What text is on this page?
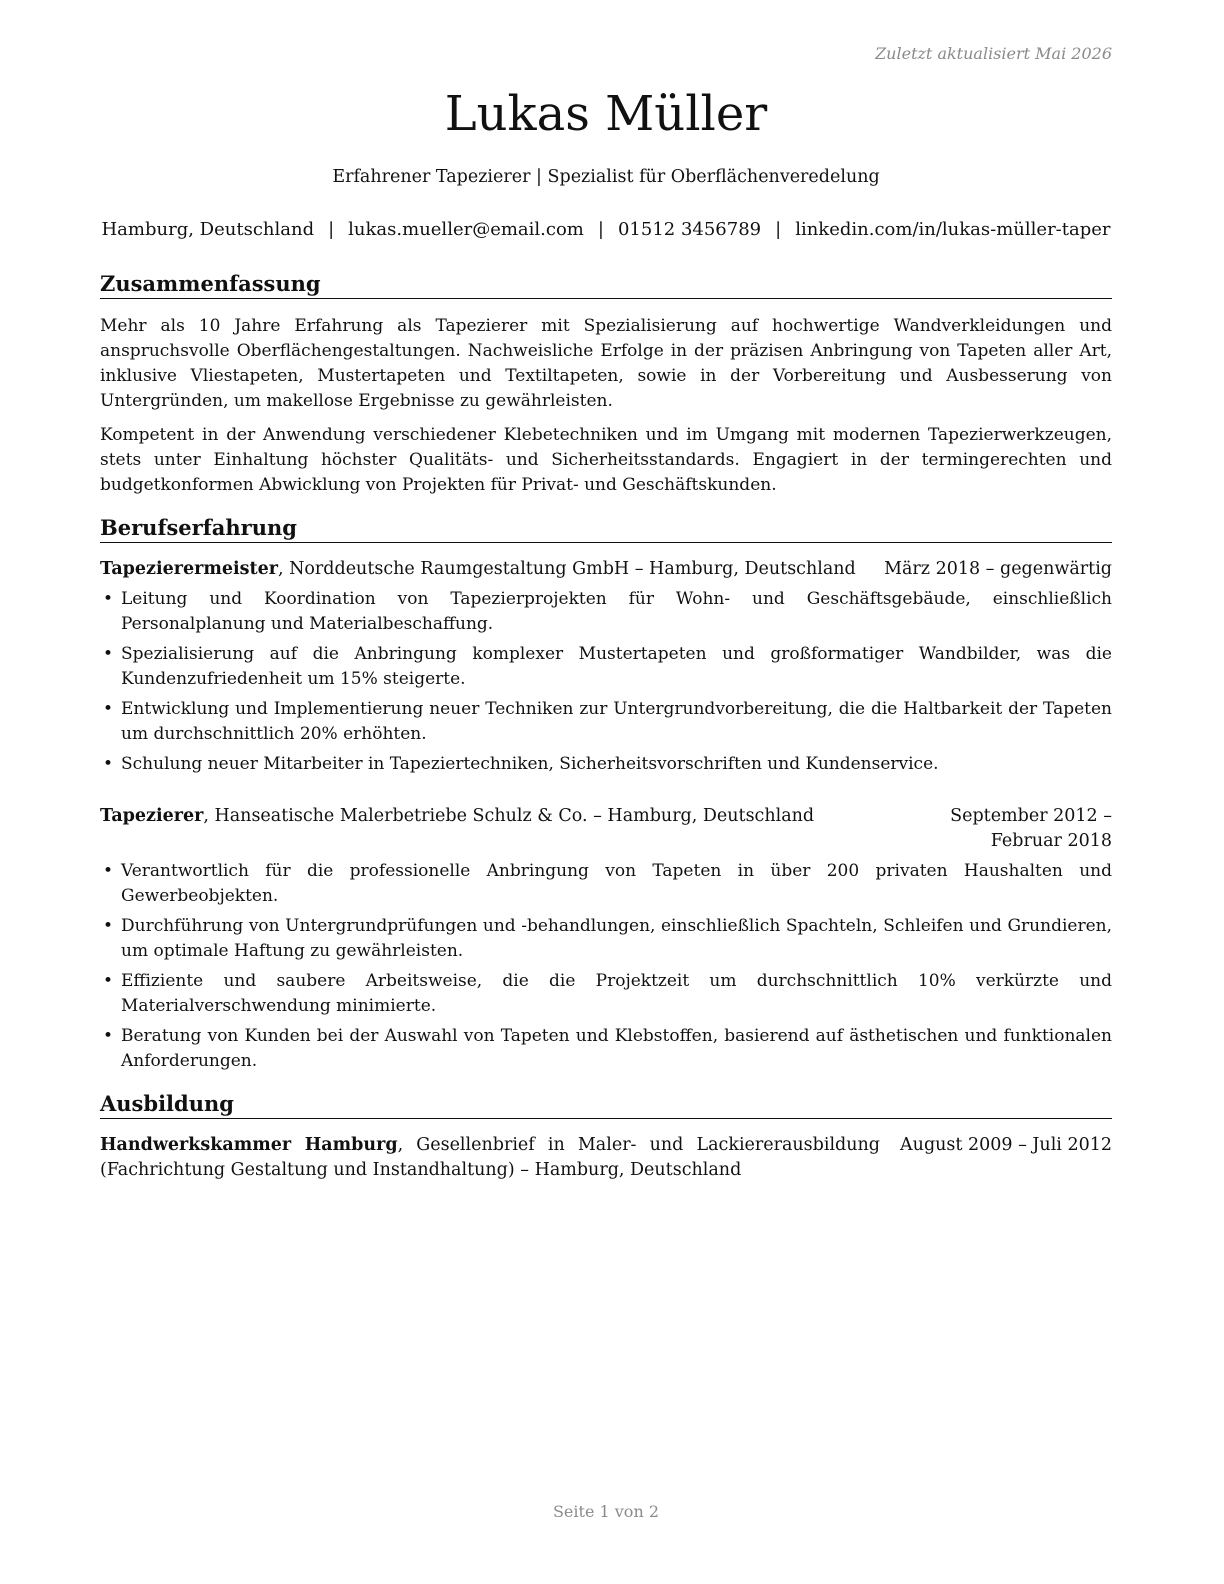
Zuletzt aktualisiert Mai 2026
Lukas Müller
Erfahrener Tapezierer | Spezialist für Oberflächenveredelung
Hamburg, Deutschland | lukas.mueller@email.com | 01512 3456789 | linkedin.com/in/lukas-müller-taper
Zusammenfassung

Mehr als 10 Jahre Erfahrung als Tapezierer mit Spezialisierung auf hochwertige Wandverkleidungen und anspruchsvolle Oberflächengestaltungen. Nachweisliche Erfolge in der präzisen Anbringung von Tapeten aller Art, inklusive Vliestapeten, Mustertapeten und Textiltapeten, sowie in der Vorbereitung und Ausbesserung von Untergründen, um makellose Ergebnisse zu gewährleisten.

Kompetent in der Anwendung verschiedener Klebetechniken und im Umgang mit modernen Tapezierwerkzeugen, stets unter Einhaltung höchster Qualitäts- und Sicherheitsstandards. Engagiert in der termingerechten und budgetkonformen Abwicklung von Projekten für Privat- und Geschäftskunden.

Berufserfahrung
Tapezierermeister, Norddeutsche Raumgestaltung GmbH – Hamburg, Deutschland	März 2018 – gegenwärtig
• Leitung und Koordination von Tapezierprojekten für Wohn- und Geschäftsgebäude, einschließlich Personalplanung und Materialbeschaffung.
• Spezialisierung auf die Anbringung komplexer Mustertapeten und großformatiger Wandbilder, was die Kundenzufriedenheit um 15% steigerte.
• Entwicklung und Implementierung neuer Techniken zur Untergrundvorbereitung, die die Haltbarkeit der Tapeten um durchschnittlich 20% erhöhten.
• Schulung neuer Mitarbeiter in Tapeziertechniken, Sicherheitsvorschriften und Kundenservice.
Tapezierer, Hanseatische Malerbetriebe Schulz & Co. – Hamburg, Deutschland	September 2012 – Februar 2018
• Verantwortlich für die professionelle Anbringung von Tapeten in über 200 privaten Haushalten und Gewerbeobjekten.
• Durchführung von Untergrundprüfungen und -behandlungen, einschließlich Spachteln, Schleifen und Grundieren, um optimale Haftung zu gewährleisten.
• Effiziente und saubere Arbeitsweise, die die Projektzeit um durchschnittlich 10% verkürzte und Materialverschwendung minimierte.
• Beratung von Kunden bei der Auswahl von Tapeten und Klebstoffen, basierend auf ästhetischen und funktionalen Anforderungen.
Ausbildung
Handwerkskammer Hamburg, Gesellenbrief in Maler- und Lackiererausbildung (Fachrichtung Gestaltung und Instandhaltung) – Hamburg, Deutschland
August 2009 – Juli 2012
Seite 1 von 2
